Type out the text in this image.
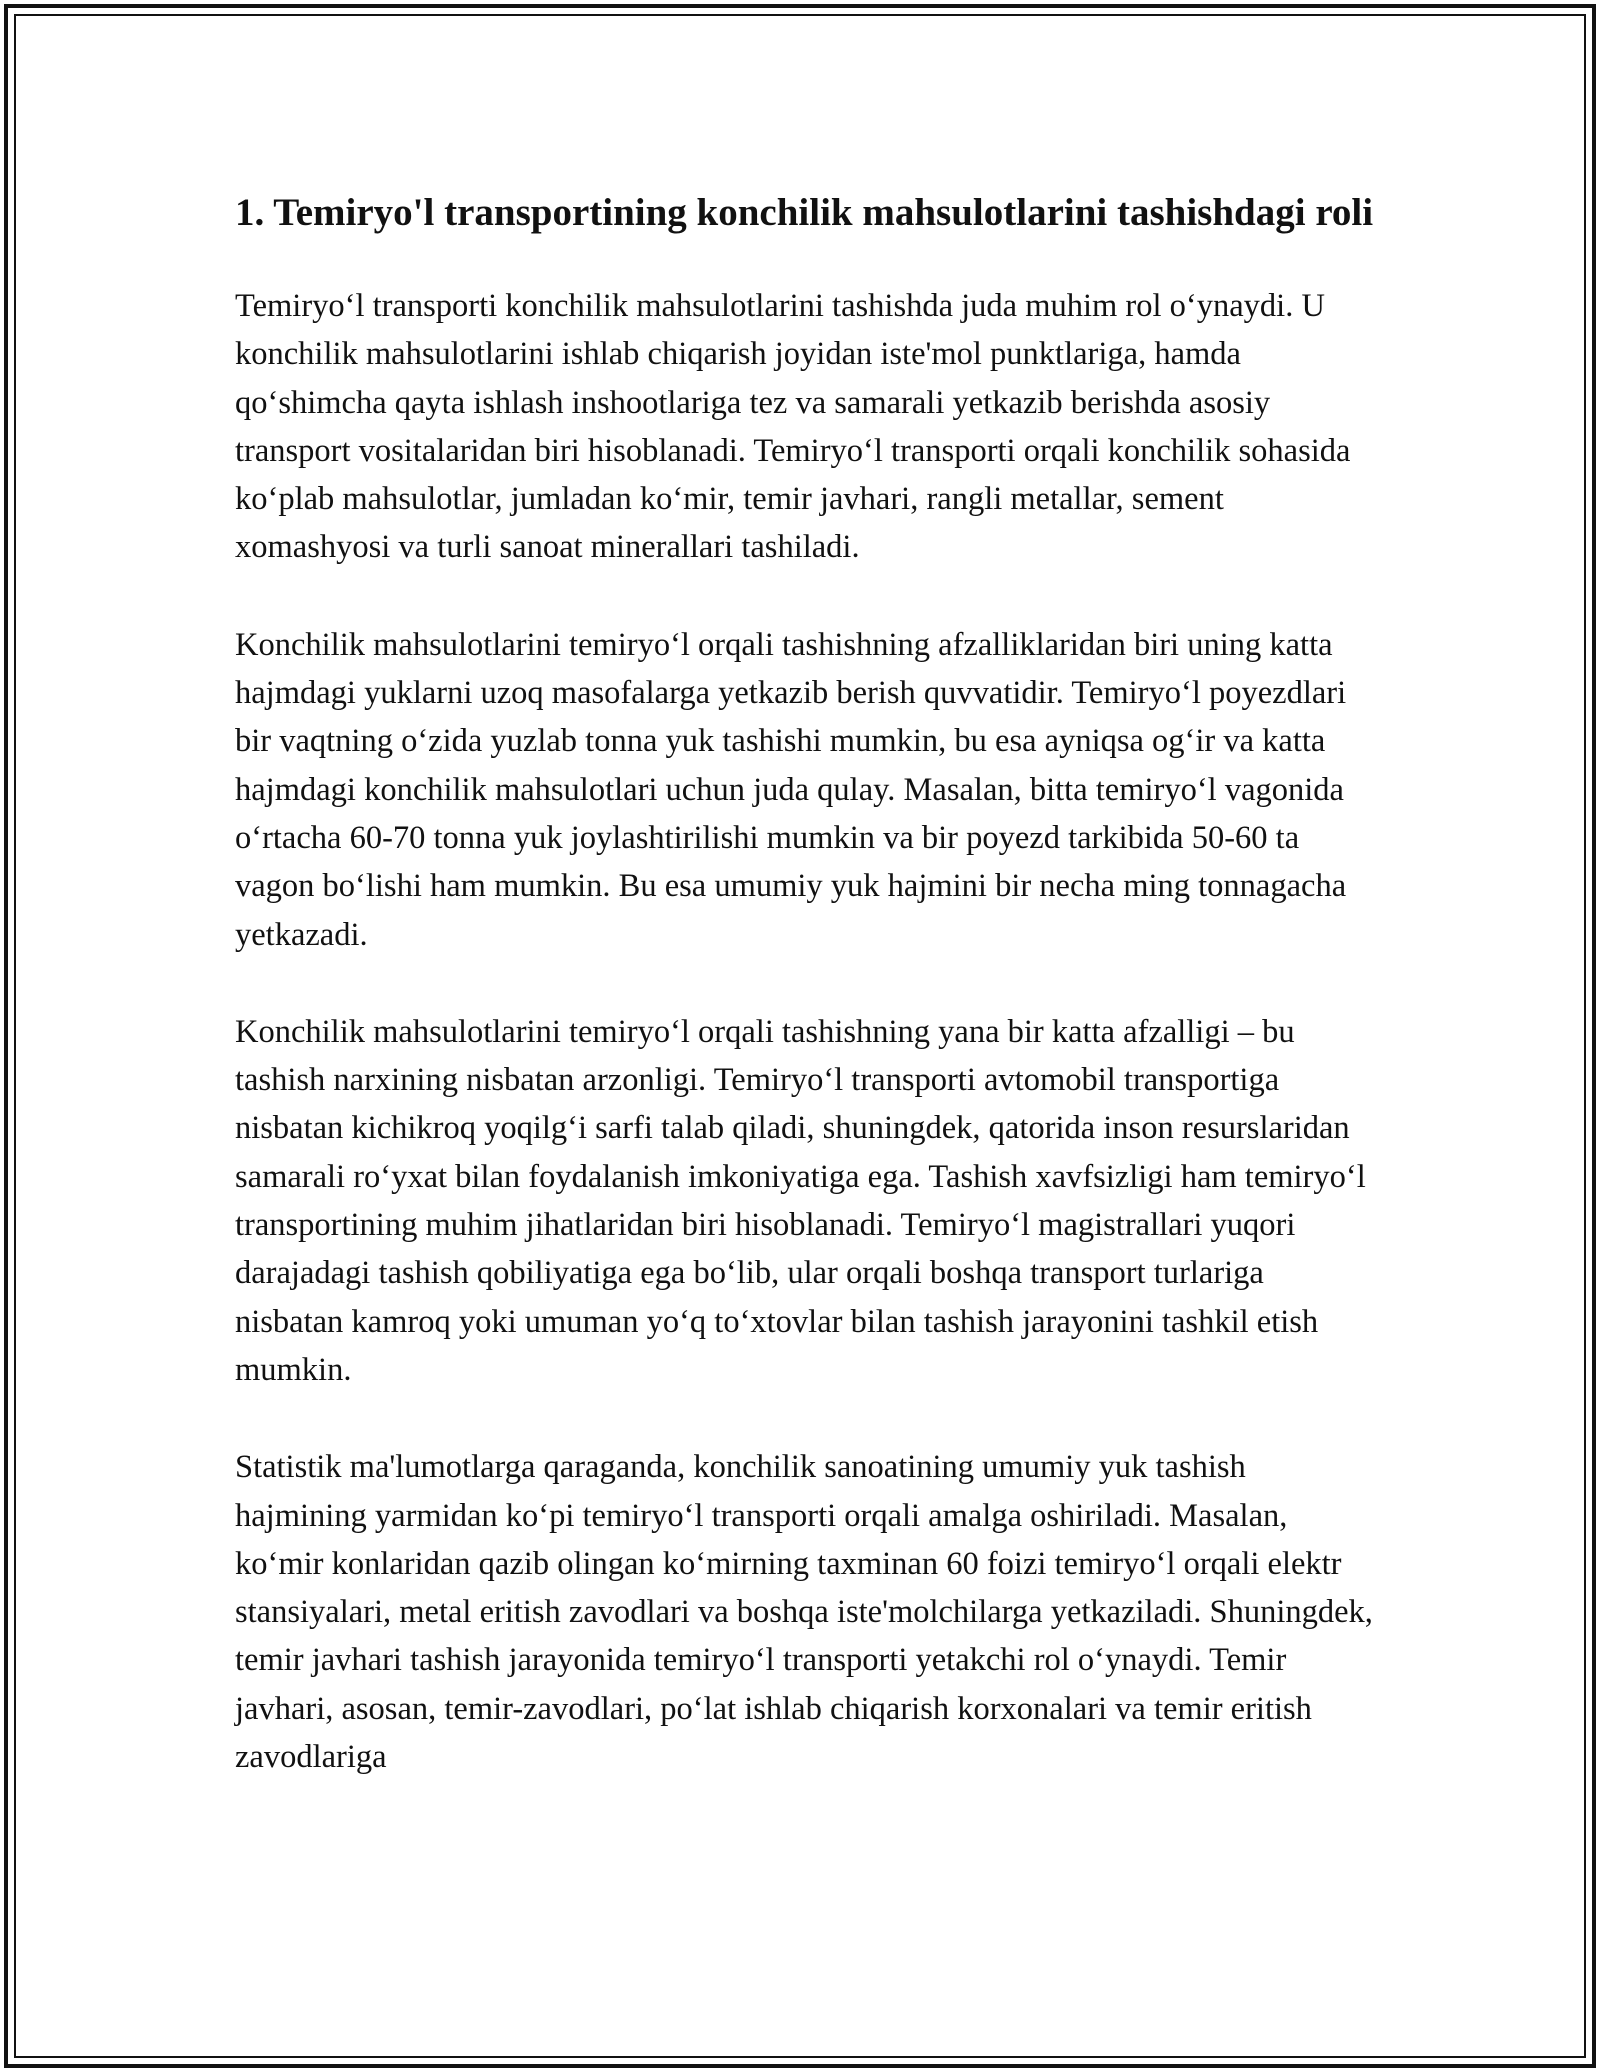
1. Temiryo'l transportining konchilik mahsulotlarini tashishdagi roli

Temiryo‘l transporti konchilik mahsulotlarini tashishda juda muhim rol o‘ynaydi. U konchilik mahsulotlarini ishlab chiqarish joyidan iste'mol punktlariga, hamda qo‘shimcha qayta ishlash inshootlariga tez va samarali yetkazib berishda asosiy transport vositalaridan biri hisoblanadi. Temiryo‘l transporti orqali konchilik sohasida ko‘plab mahsulotlar, jumladan ko‘mir, temir javhari, rangli metallar, sement xomashyosi va turli sanoat minerallari tashiladi.

Konchilik mahsulotlarini temiryo‘l orqali tashishning afzalliklaridan biri uning katta hajmdagi yuklarni uzoq masofalarga yetkazib berish quvvatidir. Temiryo‘l poyezdlari bir vaqtning o‘zida yuzlab tonna yuk tashishi mumkin, bu esa ayniqsa og‘ir va katta hajmdagi konchilik mahsulotlari uchun juda qulay. Masalan, bitta temiryo‘l vagonida o‘rtacha 60-70 tonna yuk joylashtirilishi mumkin va bir poyezd tarkibida 50-60 ta vagon bo‘lishi ham mumkin. Bu esa umumiy yuk hajmini bir necha ming tonnagacha yetkazadi.

Konchilik mahsulotlarini temiryo‘l orqali tashishning yana bir katta afzalligi – bu tashish narxining nisbatan arzonligi. Temiryo‘l transporti avtomobil transportiga nisbatan kichikroq yoqilg‘i sarfi talab qiladi, shuningdek, qatorida inson resurslaridan samarali ro‘yxat bilan foydalanish imkoniyatiga ega. Tashish xavfsizligi ham temiryo‘l transportining muhim jihatlaridan biri hisoblanadi. Temiryo‘l magistrallari yuqori darajadagi tashish qobiliyatiga ega bo‘lib, ular orqali boshqa transport turlariga nisbatan kamroq yoki umuman yo‘q to‘xtovlar bilan tashish jarayonini tashkil etish mumkin.

Statistik ma'lumotlarga qaraganda, konchilik sanoatining umumiy yuk tashish hajmining yarmidan ko‘pi temiryo‘l transporti orqali amalga oshiriladi. Masalan, ko‘mir konlaridan qazib olingan ko‘mirning taxminan 60 foizi temiryo‘l orqali elektr stansiyalari, metal eritish zavodlari va boshqa iste'molchilarga yetkaziladi. Shuningdek, temir javhari tashish jarayonida temiryo‘l transporti yetakchi rol o‘ynaydi. Temir javhari, asosan, temir-zavodlari, po‘lat ishlab chiqarish korxonalari va temir eritish zavodlariga
